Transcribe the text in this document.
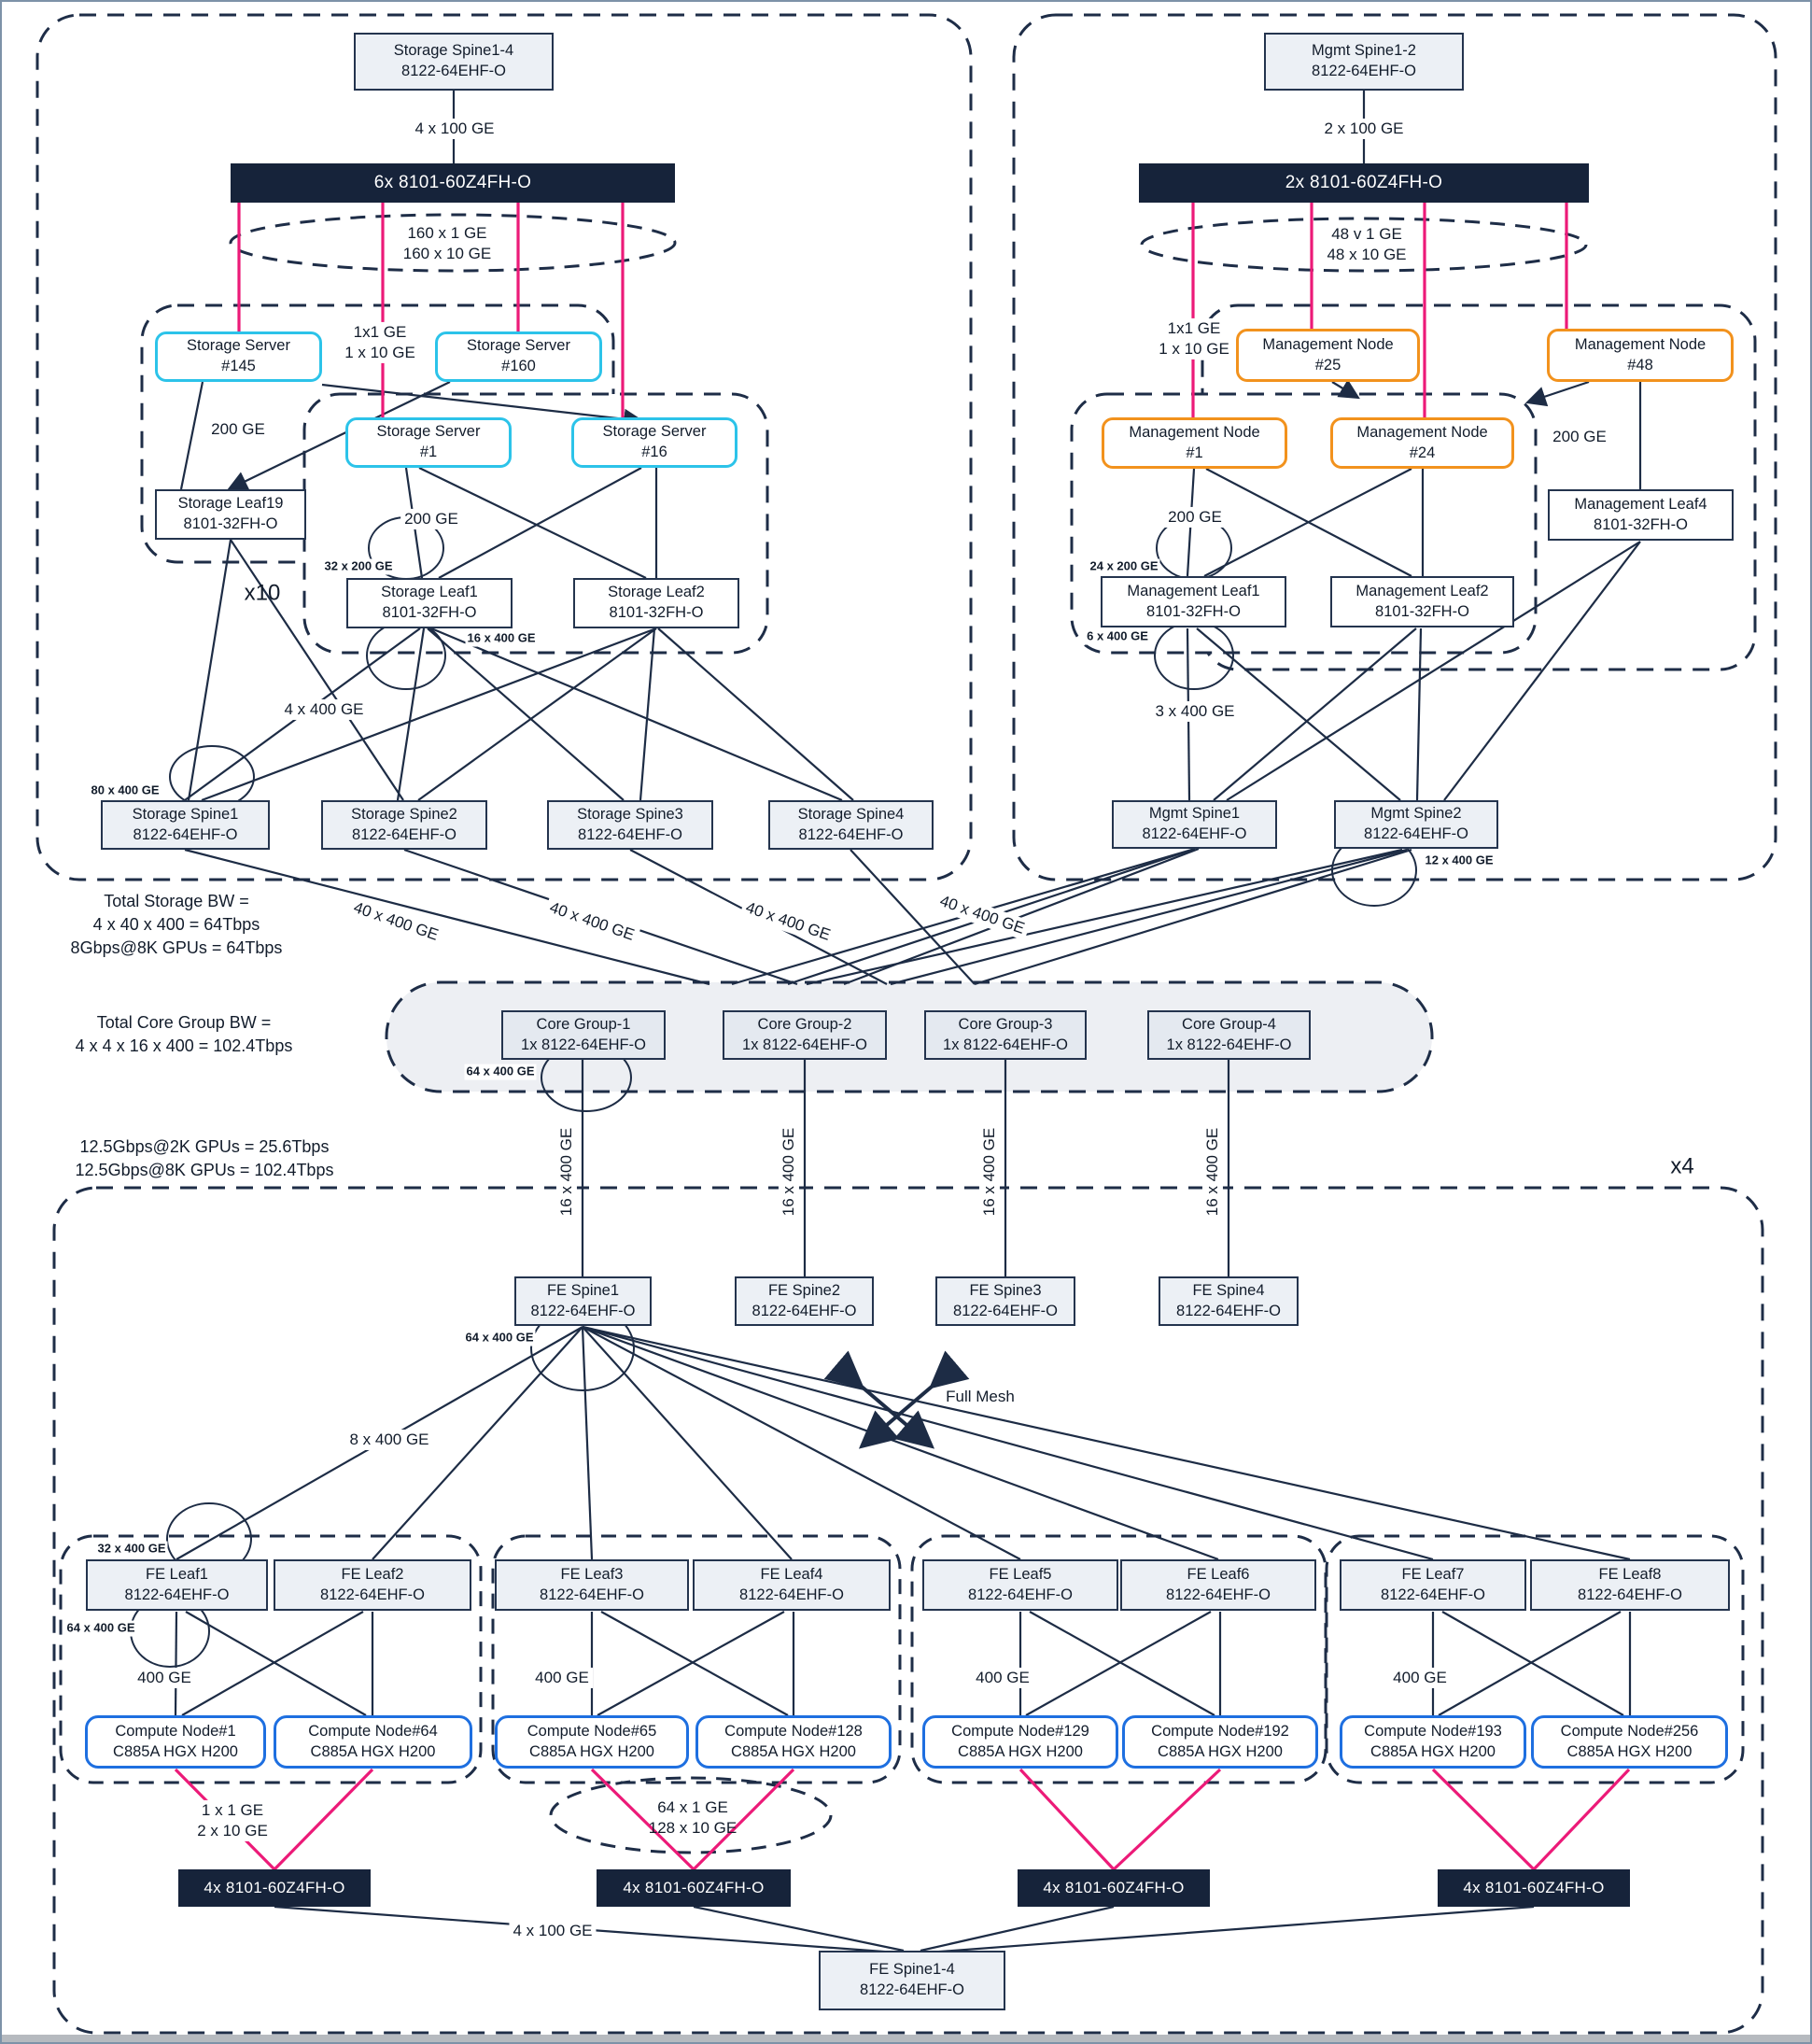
Storage Spine1-4
8122-64EHF-O
4 x 100 GE
6x 8101-60Z4FH-O
160 x 1 GE
160 x 10 GE
1x1 GE
1 x 10 GE
Storage Server
#145
Storage Server
#160
Storage Server
#1
Storage Server
#16
200 GE
Storage Leaf19
8101-32FH-O	200 GE
32 x 200 GE
Storage Leaf1
8101-32FH-O
Storage Leaf2
8101-32FH-O
16 x 400 GE
x10
4 x 400 GE
80 x 400 GE
Storage Spine1
8122-64EHF-O
Storage Spine2
8122-64EHF-O
Storage Spine3
8122-64EHF-O
Storage Spine4
8122-64EHF-O
Mgmt Spine1-2
8122-64EHF-O
2 x 100 GE
2x 8101-60Z4FH-O
48 v 1 GE
48 x 10 GE
1x1 GE
1 x 10 GE Management Node
#25
Management Node
#48
Management Node
#1
Management Node
#24
200 GE
Management Leaf4
8101-32FH-O
200 GE
24 x 200 GE
Management Leaf1
8101-32FH-O
Management Leaf2
8101-32FH-O
6 x 400 GE
3 x 400 GE
Mgmt Spine1
8122-64EHF-O
Mgmt Spine2
8122-64EHF-O
12 x 400 GE
Total Storage BW =
4 x 40 x 400 = 64Tbps
8Gbps@8K GPUs = 64Tbps
40 x 400 GE	40 x 400 GE	40 x 400 GE	40 x 400 GE
Total Core Group BW =
4 x 4 x 16 x 400 = 102.4Tbps
Core Group-1
1x 8122-64EHF-O
Core Group-2
1x 8122-64EHF-O
Core Group-3
1x 8122-64EHF-O
Core Group-4
1x 8122-64EHF-O
64 x 400 GE
12.5Gbps@2K GPUs = 25.6Tbps
12.5Gbps@8K GPUs = 102.4Tbps	16 x 400 GE	16 x 400 GE	16 x 400 GE	16 x 400 GE	x4
FE Spine1
8122-64EHF-O
FE Spine2
8122-64EHF-O
FE Spine3
8122-64EHF-O
FE Spine4
8122-64EHF-O
64 x 400 GE
Full Mesh
8 x 400 GE
32 x 400 GE
64 x 400 GE
FE Leaf1
8122-64EHF-O
FE Leaf2
8122-64EHF-O
FE Leaf3
8122-64EHF-O
FE Leaf4
8122-64EHF-O
FE Leaf5
8122-64EHF-O
FE Leaf6
8122-64EHF-O
FE Leaf7
8122-64EHF-O
FE Leaf8
8122-64EHF-O
400 GE	400 GE	400 GE	400 GE
Compute Node#1
C885A HGX H200
Compute Node#64
C885A HGX H200
Compute Node#65
C885A HGX H200
Compute Node#128
C885A HGX H200
Compute Node#129
C885A HGX H200
Compute Node#192
C885A HGX H200
Compute Node#193
C885A HGX H200
Compute Node#256
C885A HGX H200
1 x 1 GE
2 x 10 GE
64 x 1 GE
128 x 10 GE
4x 8101-60Z4FH-O	4x 8101-60Z4FH-O	4x 8101-60Z4FH-O	4x 8101-60Z4FH-O
4 x 100 GE
FE Spine1-4
8122-64EHF-O
